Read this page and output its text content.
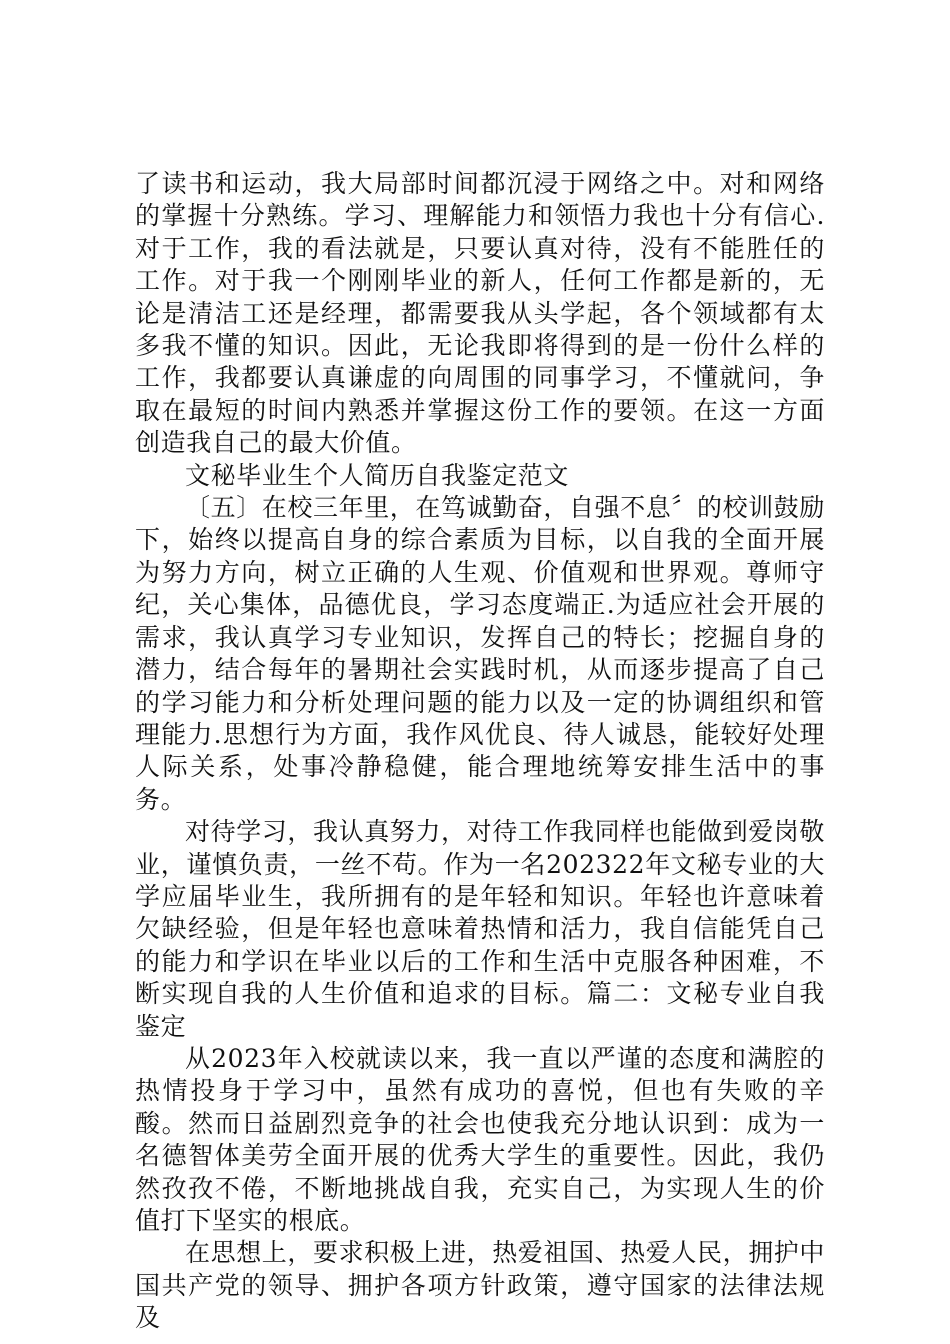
了读书和运动，我大局部时间都沉浸于网络之中。对和网络的掌握十分熟练。学习、理解能力和领悟力我也十分有信心.对于工作，我的看法就是，只要认真对待，没有不能胜任的工作。对于我一个刚刚毕业的新人，任何工作都是新的，无论是清洁工还是经理，都需要我从头学起，各个领域都有太多我不懂的知识。因此，无论我即将得到的是一份什么样的工作，我都要认真谦虚的向周围的同事学习，不懂就问，争取在最短的时间内熟悉并掌握这份工作的要领。在这一方面创造我自己的最大价值。

文秘毕业生个人简历自我鉴定范文

〔五〕在校三年里，在笃诚勤奋，自强不息〞的校训鼓励下，始终以提高自身的综合素质为目标，以自我的全面开展为努力方向，树立正确的人生观、价值观和世界观。尊师守纪，关心集体，品德优良，学习态度端正.为适应社会开展的需求，我认真学习专业知识，发挥自己的特长；挖掘自身的潜力，结合每年的暑期社会实践时机，从而逐步提高了自己的学习能力和分析处理问题的能力以及一定的协调组织和管理能力.思想行为方面，我作风优良、待人诚恳，能较好处理人际关系，处事冷静稳健，能合理地统筹安排生活中的事务。

对待学习，我认真努力，对待工作我同样也能做到爱岗敬业，谨慎负责，一丝不苟。作为一名202322年文秘专业的大学应届毕业生，我所拥有的是年轻和知识。年轻也许意味着欠缺经验，但是年轻也意味着热情和活力，我自信能凭自己的能力和学识在毕业以后的工作和生活中克服各种困难，不断实现自我的人生价值和追求的目标。篇二：文秘专业自我鉴定

从2023年入校就读以来，我一直以严谨的态度和满腔的热情投身于学习中，虽然有成功的喜悦，但也有失败的辛酸。然而日益剧烈竞争的社会也使我充分地认识到：成为一名德智体美劳全面开展的优秀大学生的重要性。因此，我仍然孜孜不倦，不断地挑战自我，充实自己，为实现人生的价值打下坚实的根底。

在思想上，要求积极上进，热爱祖国、热爱人民，拥护中国共产党的领导、拥护各项方针政策，遵守国家的法律法规及
